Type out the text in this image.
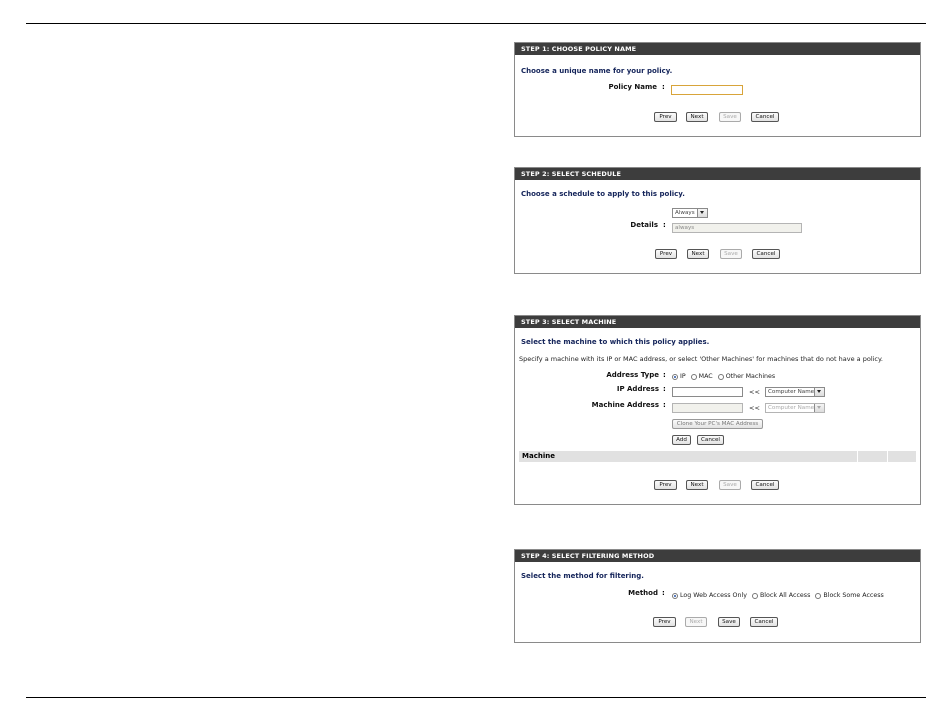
STEP 1: CHOOSE POLICY NAME
Choose a unique name for your policy.
Policy Name :
Prev	Next	Save	Cancel
STEP 2: SELECT SCHEDULE
Choose a schedule to apply to this policy.
Always
Details :	always
Prev	Next	Save	Cancel
STEP 3: SELECT MACHINE
Select the machine to which this policy applies.
Specify a machine with its IP or MAC address, or select 'Other Machines' for machines that do not have a policy.
Address Type : IP MAC Other Machines
IP Address :	<<	Computer Name
Machine Address :	<<	Computer Name
Clone Your PC's MAC Address
Add	Cancel
Machine
Prev	Next	Save	Cancel
STEP 4: SELECT FILTERING METHOD
Select the method for filtering.
Method : Log Web Access Only Block All Access Block Some Access
Prev	Next	Save	Cancel
